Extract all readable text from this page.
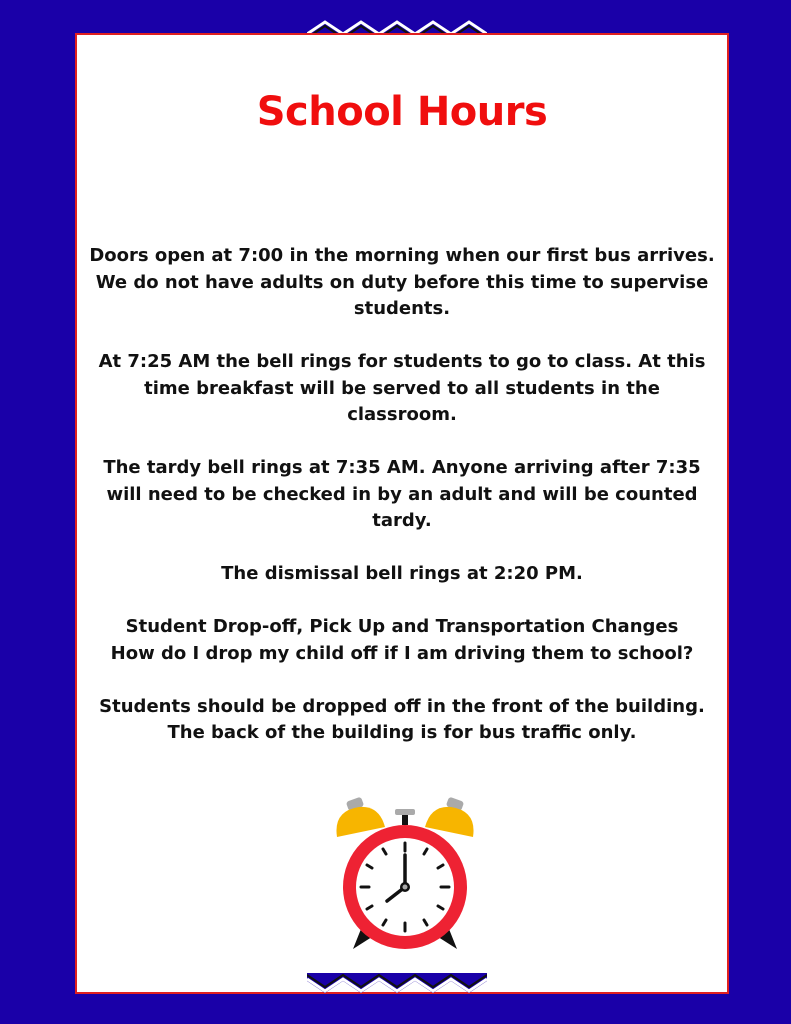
School Hours

Doors open at 7:00 in the morning when our first bus arrives.
We do not have adults on duty before this time to supervise
students.

At 7:25 AM the bell rings for students to go to class. At this
time breakfast will be served to all students in the
classroom.

The tardy bell rings at 7:35 AM. Anyone arriving after 7:35
will need to be checked in by an adult and will be counted
tardy.

The dismissal bell rings at 2:20 PM.

Student Drop-off, Pick Up and Transportation Changes
How do I drop my child off if I am driving them to school?

Students should be dropped off in the front of the building.
The back of the building is for bus traffic only.
